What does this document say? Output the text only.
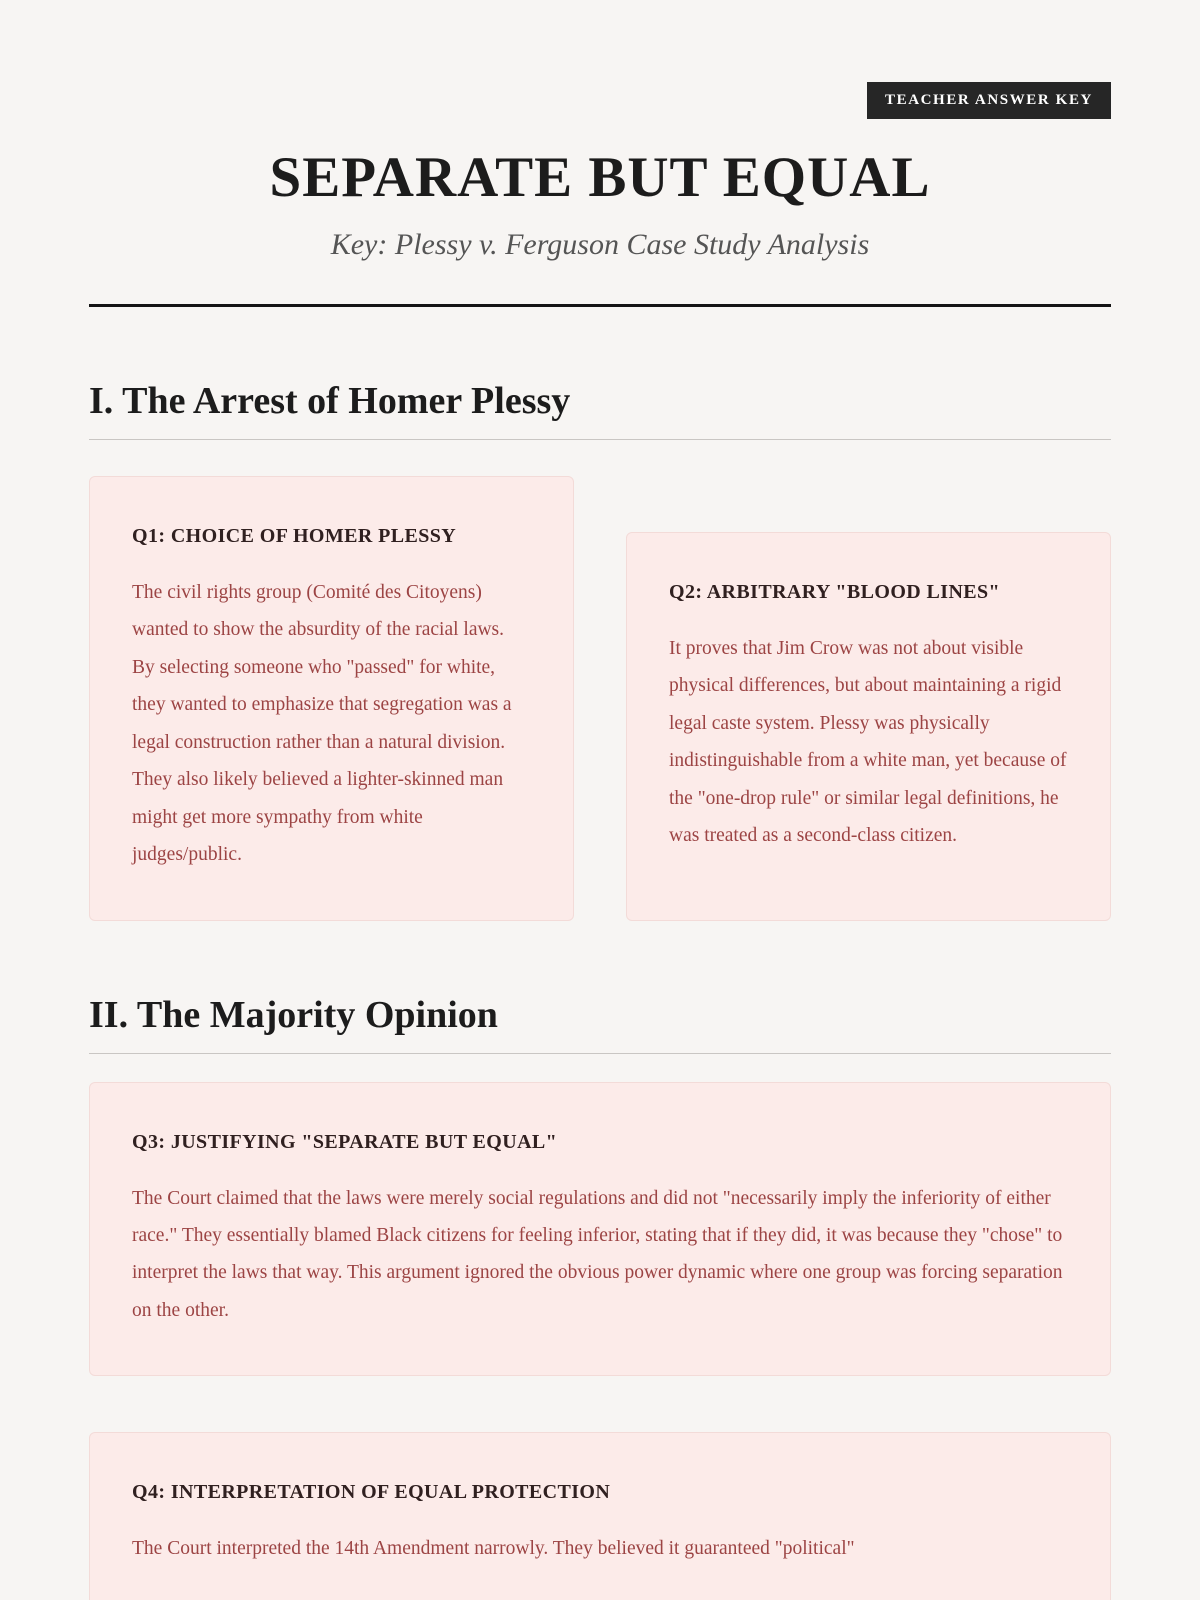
TEACHER ANSWER KEY
SEPARATE BUT EQUAL

Key: Plessy v. Ferguson Case Study Analysis

I. The Arrest of Homer Plessy
Q1: CHOICE OF HOMER PLESSY

The civil rights group (Comité des Citoyens) wanted to show the absurdity of the racial laws. By selecting someone who "passed" for white, they wanted to emphasize that segregation was a legal construction rather than a natural division. They also likely believed a lighter-skinned man might get more sympathy from white judges/public.

Q2: ARBITRARY "BLOOD LINES"

It proves that Jim Crow was not about visible physical differences, but about maintaining a rigid legal caste system. Plessy was physically indistinguishable from a white man, yet because of the "one-drop rule" or similar legal definitions, he was treated as a second-class citizen.

II. The Majority Opinion
Q3: JUSTIFYING "SEPARATE BUT EQUAL"

The Court claimed that the laws were merely social regulations and did not "necessarily imply the inferiority of either race." They essentially blamed Black citizens for feeling inferior, stating that if they did, it was because they "chose" to interpret the laws that way. This argument ignored the obvious power dynamic where one group was forcing separation on the other.

Q4: INTERPRETATION OF EQUAL PROTECTION

The Court interpreted the 14th Amendment narrowly. They believed it guaranteed "political"
